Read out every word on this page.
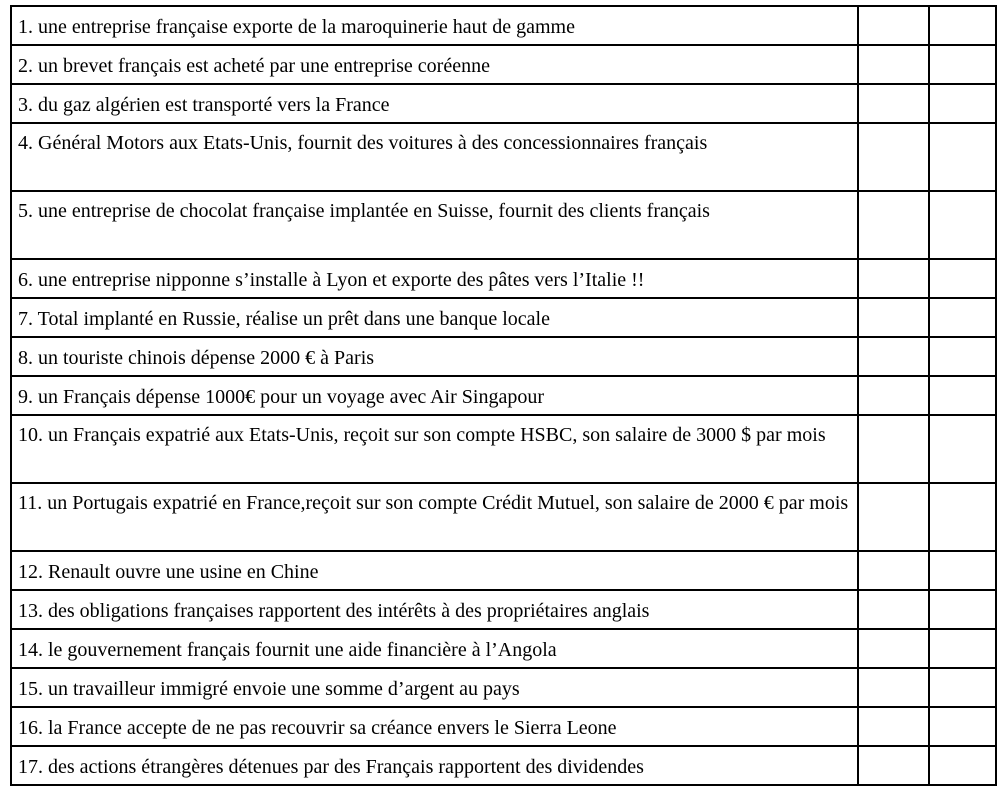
1. une entreprise française exporte de la maroquinerie haut de gamme		
2. un brevet français est acheté par une entreprise coréenne		
3. du gaz algérien est transporté vers la France		
4. Général Motors aux Etats-Unis, fournit des voitures à des concessionnaires français		
5. une entreprise de chocolat française implantée en Suisse, fournit des clients français		
6. une entreprise nipponne s’installe à Lyon et exporte des pâtes vers l’Italie !!		
7. Total implanté en Russie, réalise un prêt dans une banque locale		
8. un touriste chinois dépense 2000 € à Paris		
9. un Français dépense 1000€ pour un voyage avec Air Singapour		
10. un Français expatrié aux Etats-Unis, reçoit sur son compte HSBC, son salaire de 3000 $ par mois		
11. un Portugais expatrié en France,reçoit sur son compte Crédit Mutuel, son salaire de 2000 € par mois		
12. Renault ouvre une usine en Chine		
13. des obligations françaises rapportent des intérêts à des propriétaires anglais		
14. le gouvernement français fournit une aide financière à l’Angola		
15. un travailleur immigré envoie une somme d’argent au pays		
16. la France accepte de ne pas recouvrir sa créance envers le Sierra Leone		
17. des actions étrangères détenues par des Français rapportent des dividendes		
